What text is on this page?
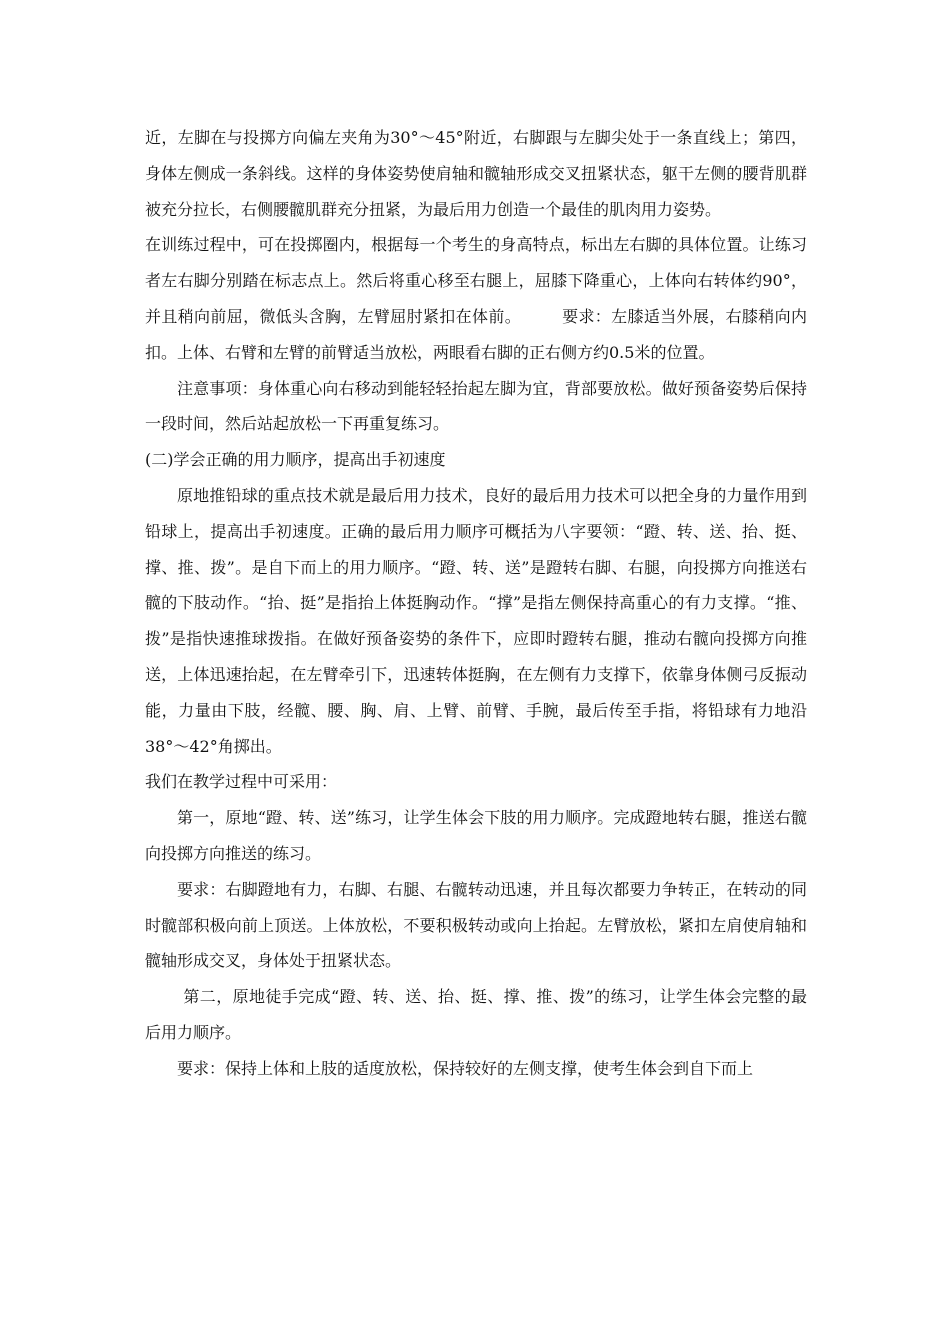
近，左脚在与投掷方向偏左夹角为30°～45°附近，右脚跟与左脚尖处于一条直线上；第四，身体左侧成一条斜线。这样的身体姿势使肩轴和髋轴形成交叉扭紧状态，躯干左侧的腰背肌群被充分拉长，右侧腰髋肌群充分扭紧，为最后用力创造一个最佳的肌肉用力姿势。

在训练过程中，可在投掷圈内，根据每一个考生的身高特点，标出左右脚的具体位置。让练习者左右脚分别踏在标志点上。然后将重心移至右腿上，屈膝下降重心，上体向右转体约90°，并且稍向前屈，微低头含胸，左臂屈肘紧扣在体前。　　　要求：左膝适当外展，右膝稍向内扣。上体、右臂和左臂的前臂适当放松，两眼看右脚的正右侧方约0.5米的位置。

注意事项：身体重心向右移动到能轻轻抬起左脚为宜，背部要放松。做好预备姿势后保持一段时间，然后站起放松一下再重复练习。

(二)学会正确的用力顺序，提高出手初速度

原地推铅球的重点技术就是最后用力技术，良好的最后用力技术可以把全身的力量作用到铅球上，提高出手初速度。正确的最后用力顺序可概括为八字要领：“蹬、转、送、抬、挺、撑、推、拨”。是自下而上的用力顺序。“蹬、转、送”是蹬转右脚、右腿，向投掷方向推送右髋的下肢动作。“抬、挺”是指抬上体挺胸动作。“撑”是指左侧保持高重心的有力支撑。“推、拨”是指快速推球拨指。在做好预备姿势的条件下，应即时蹬转右腿，推动右髋向投掷方向推送，上体迅速抬起，在左臂牵引下，迅速转体挺胸，在左侧有力支撑下，依靠身体侧弓反振动能，力量由下肢，经髋、腰、胸、肩、上臂、前臂、手腕，最后传至手指，将铅球有力地沿38°～42°角掷出。

我们在教学过程中可采用：

第一，原地“蹬、转、送”练习，让学生体会下肢的用力顺序。完成蹬地转右腿，推送右髋向投掷方向推送的练习。

要求：右脚蹬地有力，右脚、右腿、右髋转动迅速，并且每次都要力争转正，在转动的同时髋部积极向前上顶送。上体放松，不要积极转动或向上抬起。左臂放松，紧扣左肩使肩轴和髋轴形成交叉，身体处于扭紧状态。

第二，原地徒手完成“蹬、转、送、抬、挺、撑、推、拨”的练习，让学生体会完整的最后用力顺序。

要求：保持上体和上肢的适度放松，保持较好的左侧支撑，使考生体会到自下而上
